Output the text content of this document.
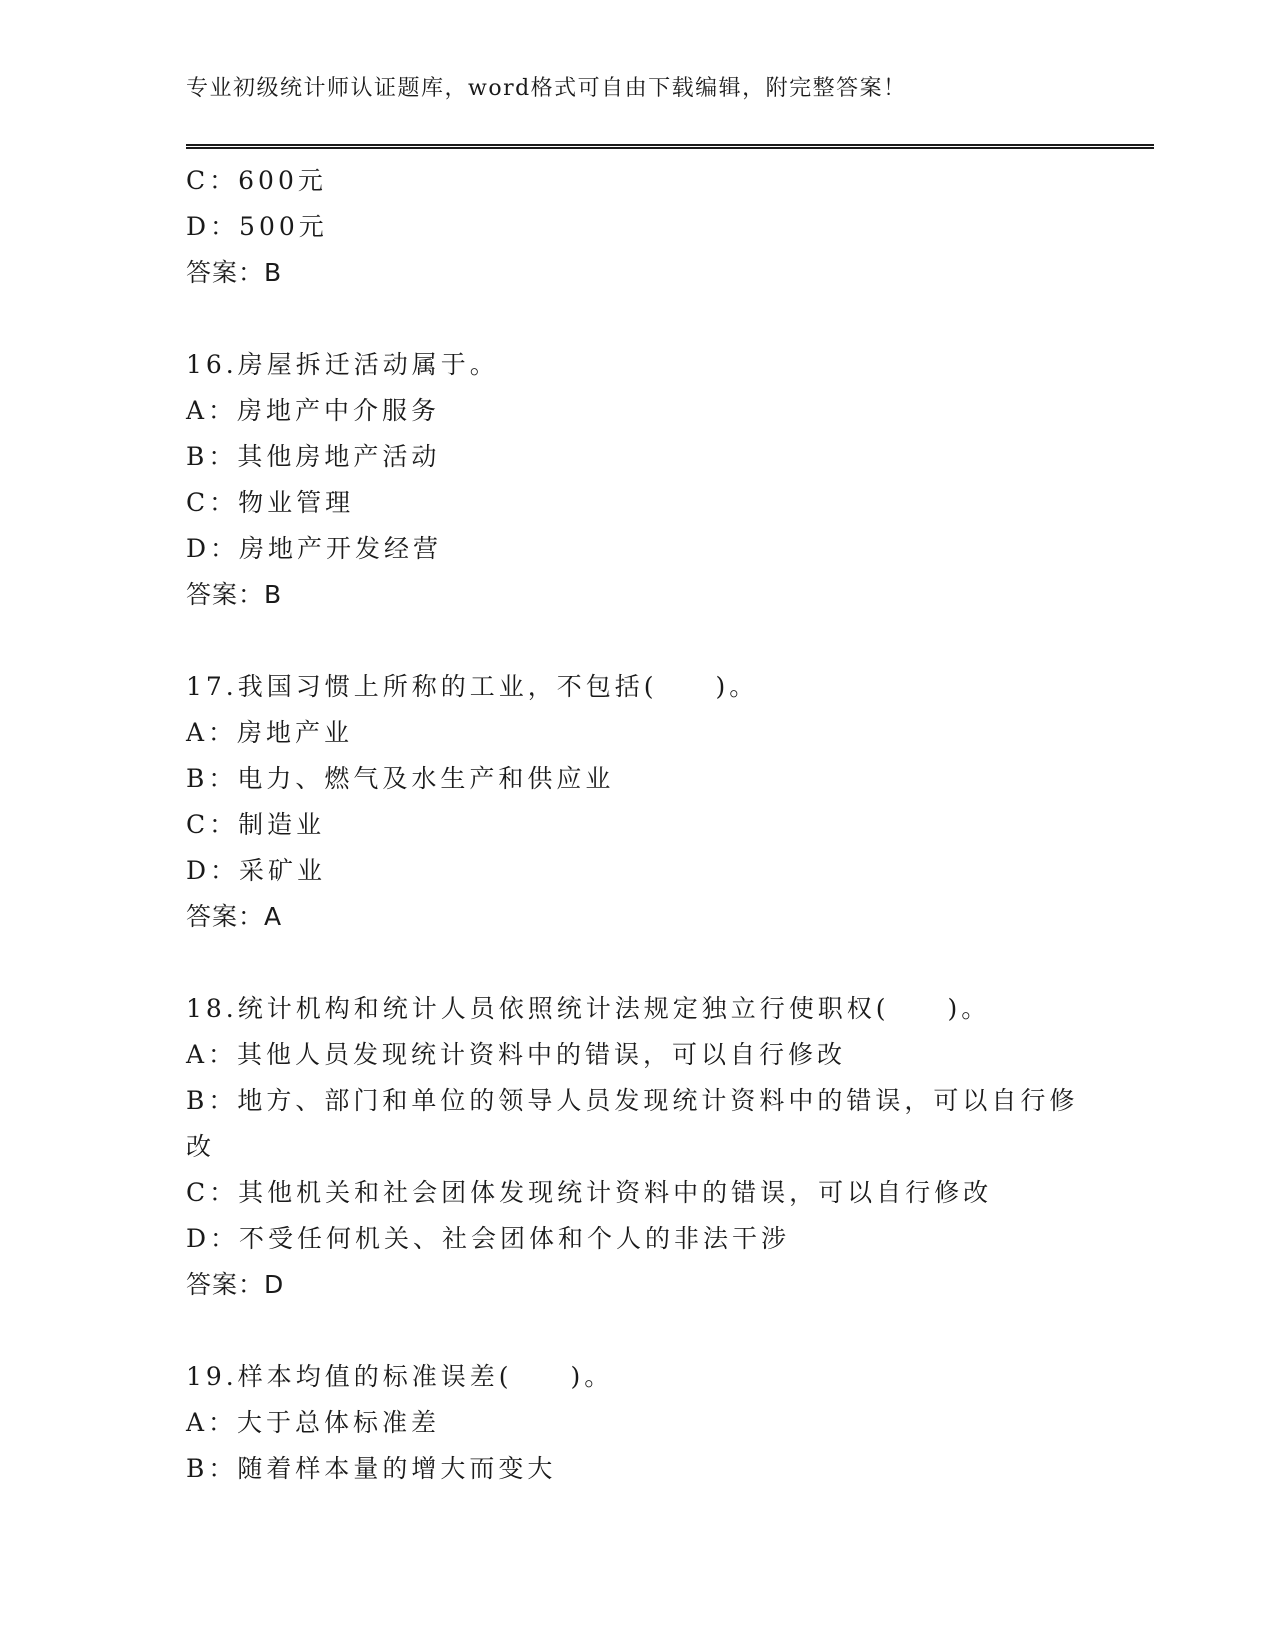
专业初级统计师认证题库，word格式可自由下载编辑，附完整答案！
C：600元
D：500元
答案：B
16.房屋拆迁活动属于。
A：房地产中介服务
B：其他房地产活动
C：物业管理
D：房地产开发经营
答案：B
17.我国习惯上所称的工业，不包括(　　)。
A：房地产业
B：电力、燃气及水生产和供应业
C：制造业
D：采矿业
答案：A
18.统计机构和统计人员依照统计法规定独立行使职权(　　)。
A：其他人员发现统计资料中的错误，可以自行修改
B：地方、部门和单位的领导人员发现统计资料中的错误，可以自行修改
C：其他机关和社会团体发现统计资料中的错误，可以自行修改
D：不受任何机关、社会团体和个人的非法干涉
答案：D
19.样本均值的标准误差(　　)。
A：大于总体标准差
B：随着样本量的增大而变大
